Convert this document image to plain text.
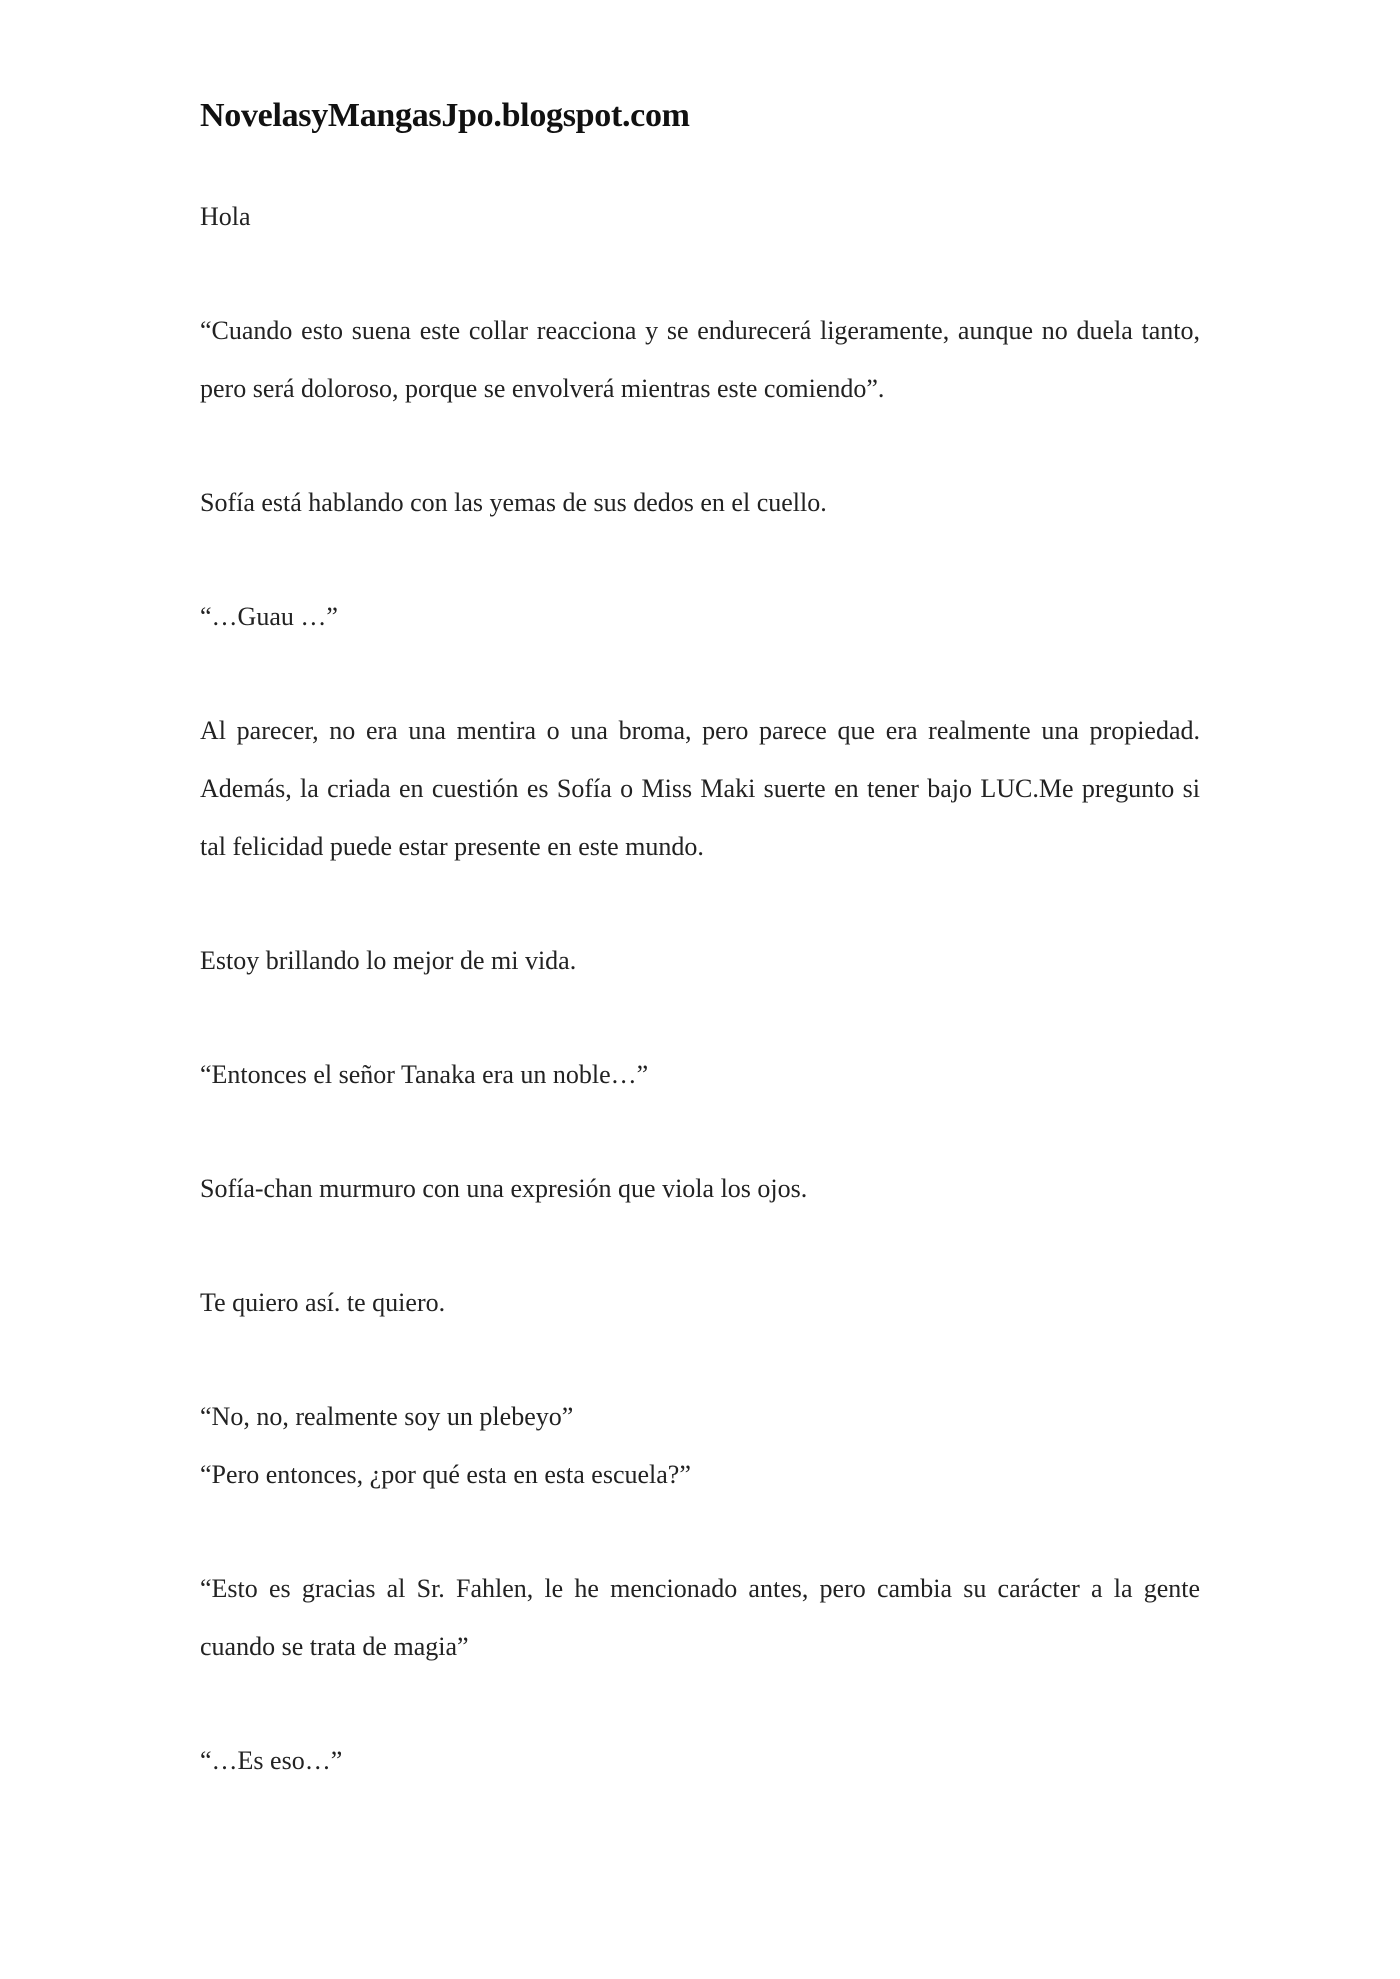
NovelasyMangasJpo.blogspot.com

Hola

“Cuando esto suena este collar reacciona y se endurecerá ligeramente, aunque no duela tanto, pero será doloroso, porque se envolverá mientras este comiendo”.

Sofía está hablando con las yemas de sus dedos en el cuello.

“…Guau …”

Al parecer, no era una mentira o una broma, pero parece que era realmente una propiedad. Además, la criada en cuestión es Sofía o Miss Maki suerte en tener bajo LUC.Me pregunto si tal felicidad puede estar presente en este mundo.

Estoy brillando lo mejor de mi vida.

“Entonces el señor Tanaka era un noble…”

Sofía-chan murmuro con una expresión que viola los ojos.

Te quiero así. te quiero.

“No, no, realmente soy un plebeyo”

“Pero entonces, ¿por qué esta en esta escuela?”

“Esto es gracias al Sr. Fahlen, le he mencionado antes, pero cambia su carácter a la gente cuando se trata de magia”

“…Es eso…”
